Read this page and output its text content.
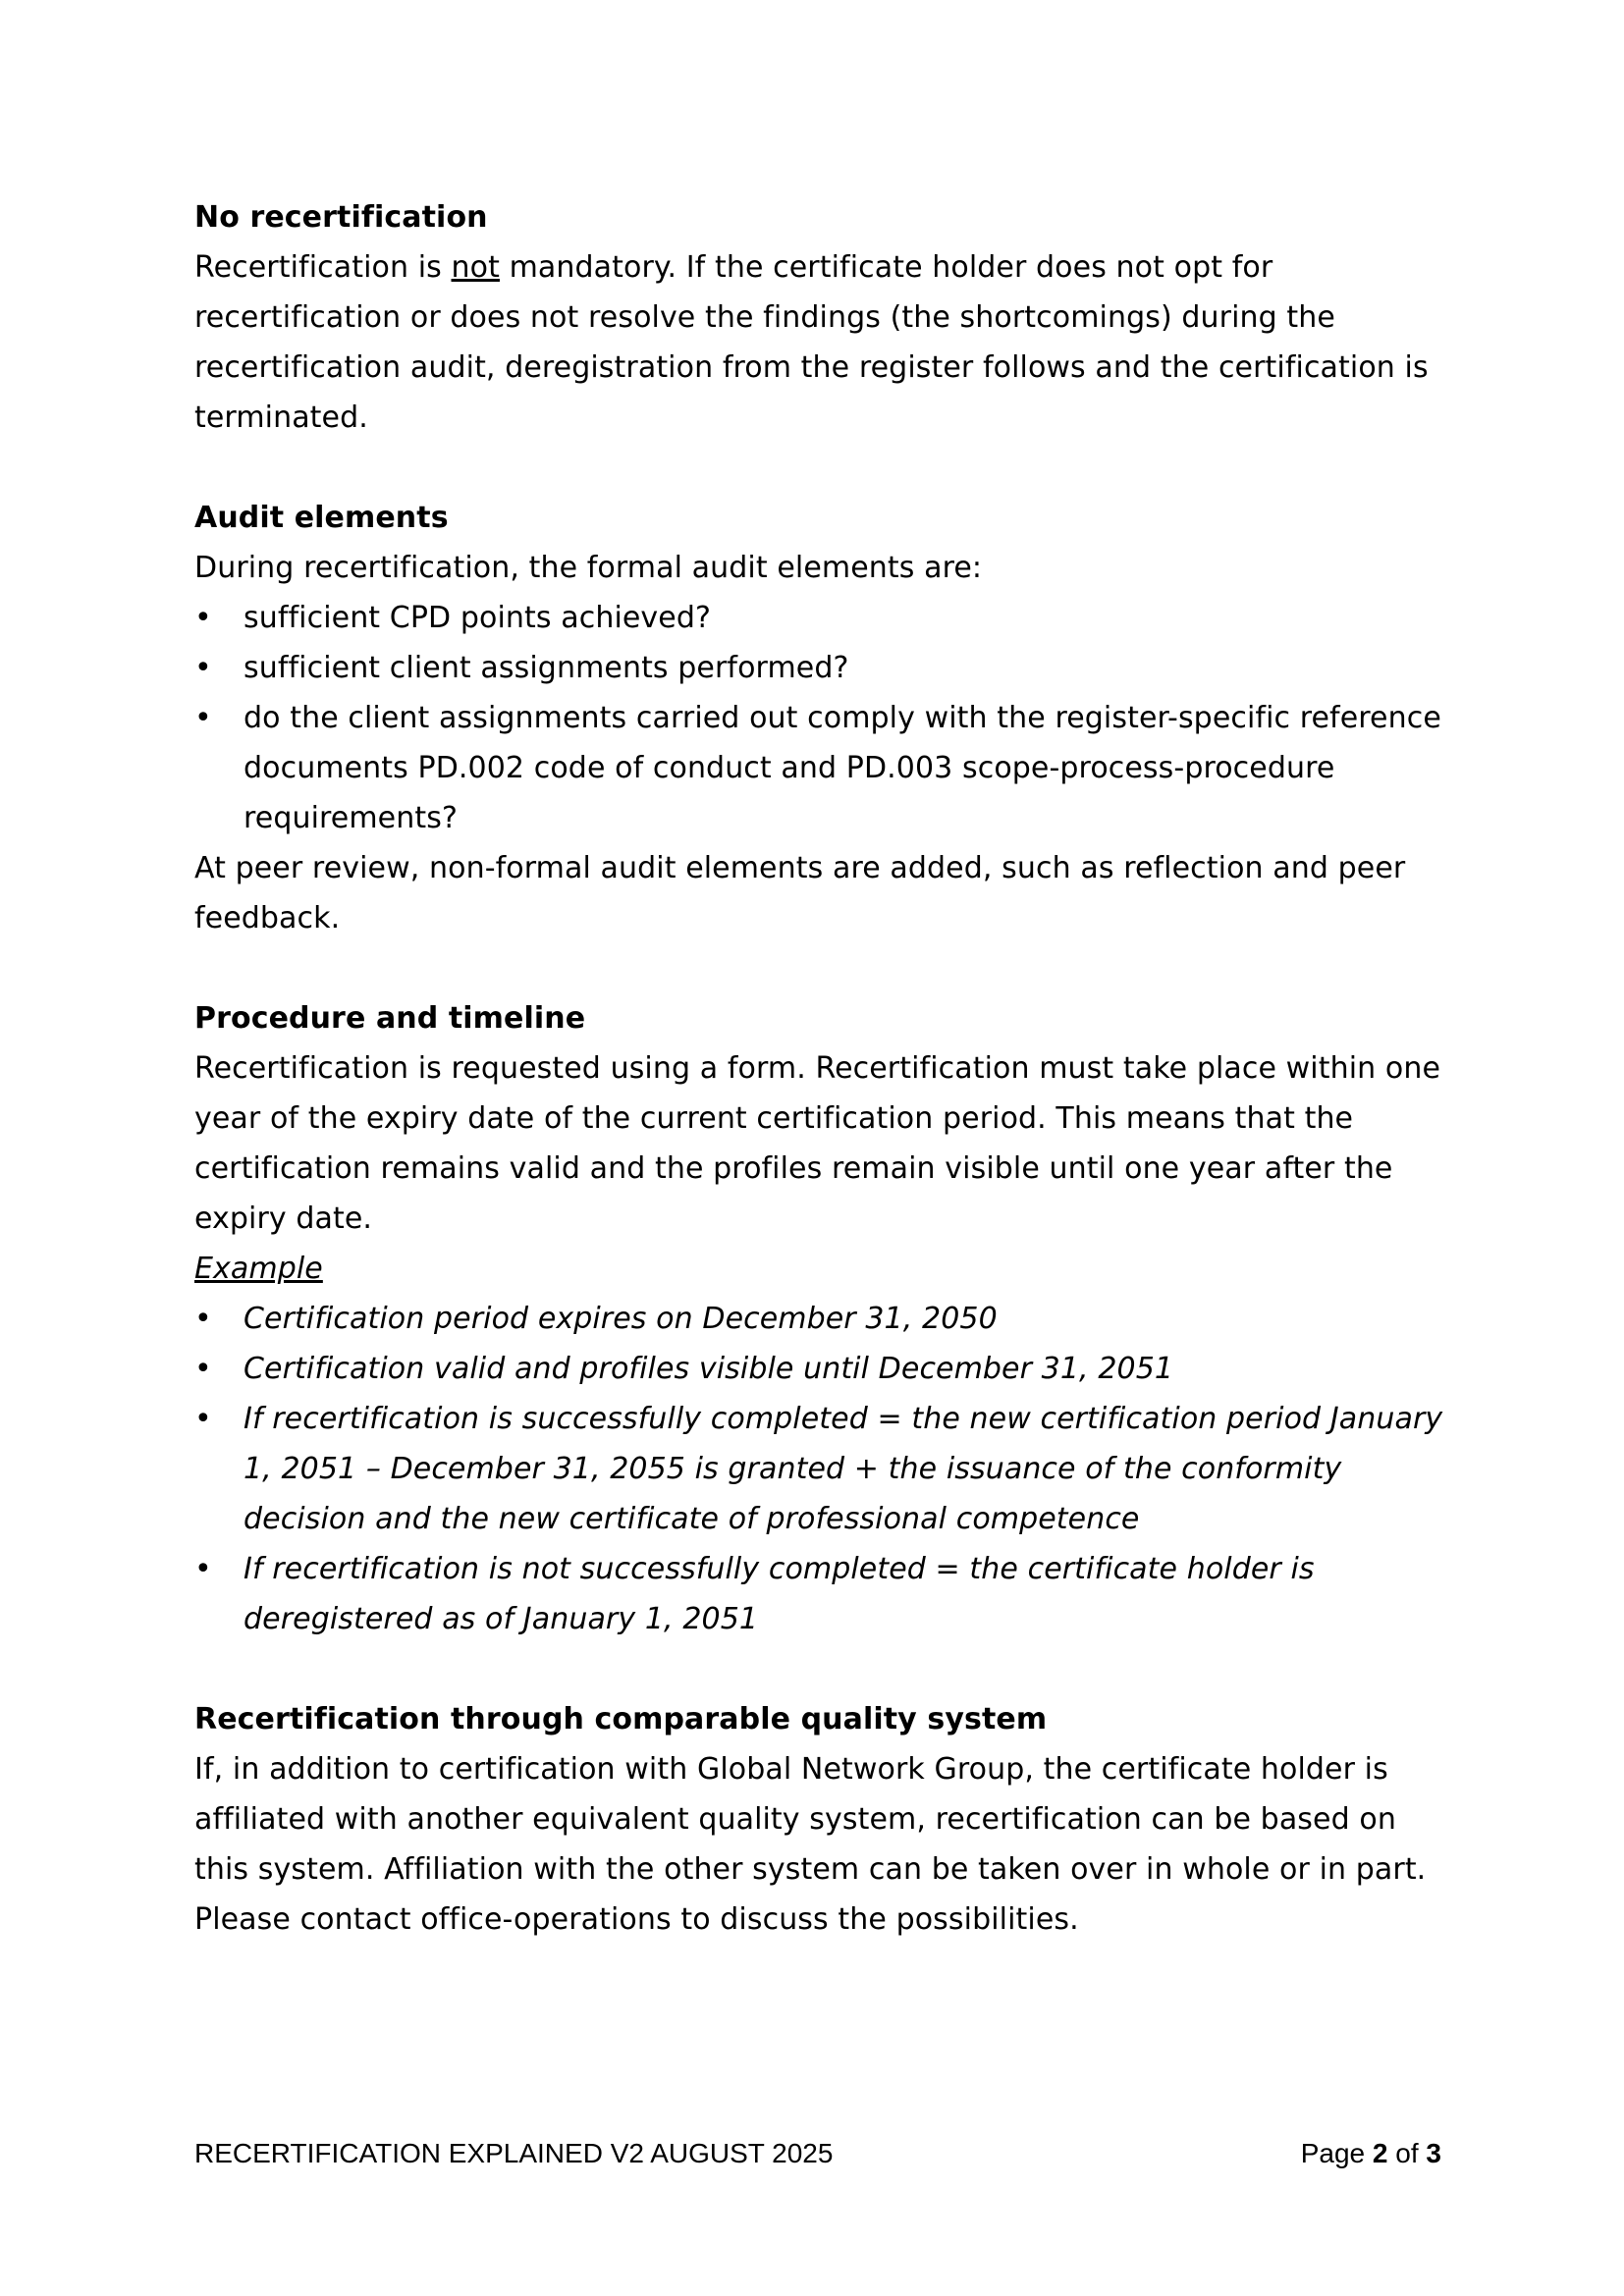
No recertification

Recertification is not mandatory. If the certificate holder does not opt for recertification or does not resolve the findings (the shortcomings) during the recertification audit, deregistration from the register follows and the certification is terminated.

Audit elements

During recertification, the formal audit elements are:

•	sufficient CPD points achieved?
•	sufficient client assignments performed?
•	do the client assignments carried out comply with the register-specific reference documents PD.002 code of conduct and PD.003 scope-process-procedure requirements?

At peer review, non-formal audit elements are added, such as reflection and peer feedback.

Procedure and timeline

Recertification is requested using a form. Recertification must take place within one year of the expiry date of the current certification period. This means that the certification remains valid and the profiles remain visible until one year after the expiry date.

Example

•	Certification period expires on December 31, 2050
•	Certification valid and profiles visible until December 31, 2051
•	If recertification is successfully completed = the new certification period January 1, 2051 – December 31, 2055 is granted + the issuance of the conformity decision and the new certificate of professional competence
•	If recertification is not successfully completed = the certificate holder is deregistered as of January 1, 2051
Recertification through comparable quality system

If, in addition to certification with Global Network Group, the certificate holder is affiliated with another equivalent quality system, recertification can be based on this system. Affiliation with the other system can be taken over in whole or in part. Please contact office-operations to discuss the possibilities.

RECERTIFICATION EXPLAINED V2 AUGUST 2025	Page 2 of 3
